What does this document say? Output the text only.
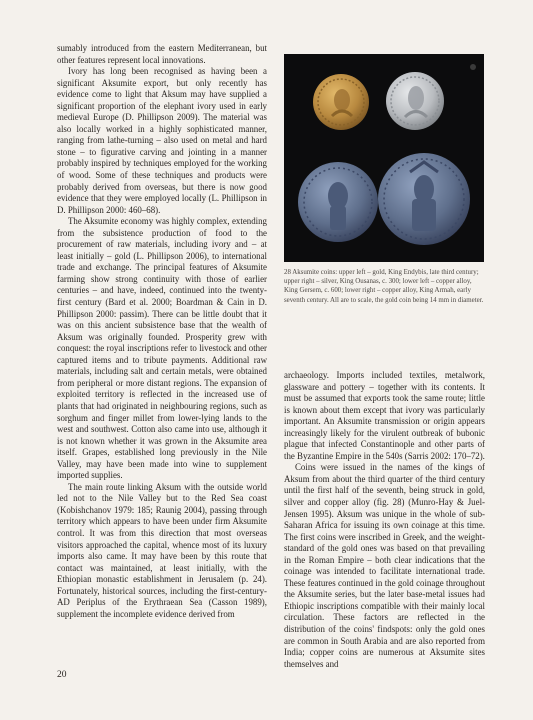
sumably introduced from the eastern Mediterranean, but other features represent local innovations.

Ivory has long been recognised as having been a significant Aksumite export, but only recently has evidence come to light that Aksum may have supplied a significant proportion of the elephant ivory used in early medieval Europe (D. Phillipson 2009). The material was also locally worked in a highly sophisticated manner, ranging from lathe-turning – also used on metal and hard stone – to figurative carving and jointing in a manner probably inspired by techniques employed for the working of wood. Some of these techniques and products were probably derived from overseas, but there is now good evidence that they were employed locally (L. Phillipson in D. Phillipson 2000: 460–68).

The Aksumite economy was highly complex, extending from the subsistence production of food to the procurement of raw materials, including ivory and – at least initially – gold (L. Phillipson 2006), to international trade and exchange. The principal features of Aksumite farming show strong continuity with those of earlier centuries – and have, indeed, continued into the twenty-first century (Bard et al. 2000; Boardman & Cain in D. Phillipson 2000: passim). There can be little doubt that it was on this ancient subsistence base that the wealth of Aksum was originally founded. Prosperity grew with conquest: the royal inscriptions refer to livestock and other captured items and to tribute payments. Additional raw materials, including salt and certain metals, were obtained from peripheral or more distant regions. The expansion of exploited territory is reflected in the increased use of plants that had originated in neighbouring regions, such as sorghum and finger millet from lower-lying lands to the west and southwest. Cotton also came into use, although it is not known whether it was grown in the Aksumite area itself. Grapes, established long previously in the Nile Valley, may have been made into wine to supplement imported supplies.

The main route linking Aksum with the outside world led not to the Nile Valley but to the Red Sea coast (Kobishchanov 1979: 185; Raunig 2004), passing through territory which appears to have been under firm Aksumite control. It was from this direction that most overseas visitors approached the capital, whence most of its luxury imports also came. It may have been by this route that contact was maintained, at least initially, with the Ethiopian monastic establishment in Jerusalem (p. 24). Fortunately, historical sources, including the first-century-AD Periplus of the Erythraean Sea (Casson 1989), supplement the incomplete evidence derived from

28 Aksumite coins: upper left – gold, King Endybis, late third century; upper right – silver, King Ousanas, c. 300; lower left – copper alloy, King Gersem, c. 600; lower right – copper alloy, King Armah, early seventh century. All are to scale, the gold coin being 14 mm in diameter.

archaeology. Imports included textiles, metalwork, glassware and pottery – together with its contents. It must be assumed that exports took the same route; little is known about them except that ivory was particularly important. An Aksumite transmission or origin appears increasingly likely for the virulent outbreak of bubonic plague that infected Constantinople and other parts of the Byzantine Empire in the 540s (Sarris 2002: 170–72).

Coins were issued in the names of the kings of Aksum from about the third quarter of the third century until the first half of the seventh, being struck in gold, silver and copper alloy (fig. 28) (Munro-Hay & Juel-Jensen 1995). Aksum was unique in the whole of sub-Saharan Africa for issuing its own coinage at this time. The first coins were inscribed in Greek, and the weight-standard of the gold ones was based on that prevailing in the Roman Empire – both clear indications that the coinage was intended to facilitate international trade. These features continued in the gold coinage throughout the Aksumite series, but the later base-metal issues had Ethiopic inscriptions compatible with their mainly local circulation. These factors are reflected in the distribution of the coins' findspots: only the gold ones are common in South Arabia and are also reported from India; copper coins are numerous at Aksumite sites themselves and

20
